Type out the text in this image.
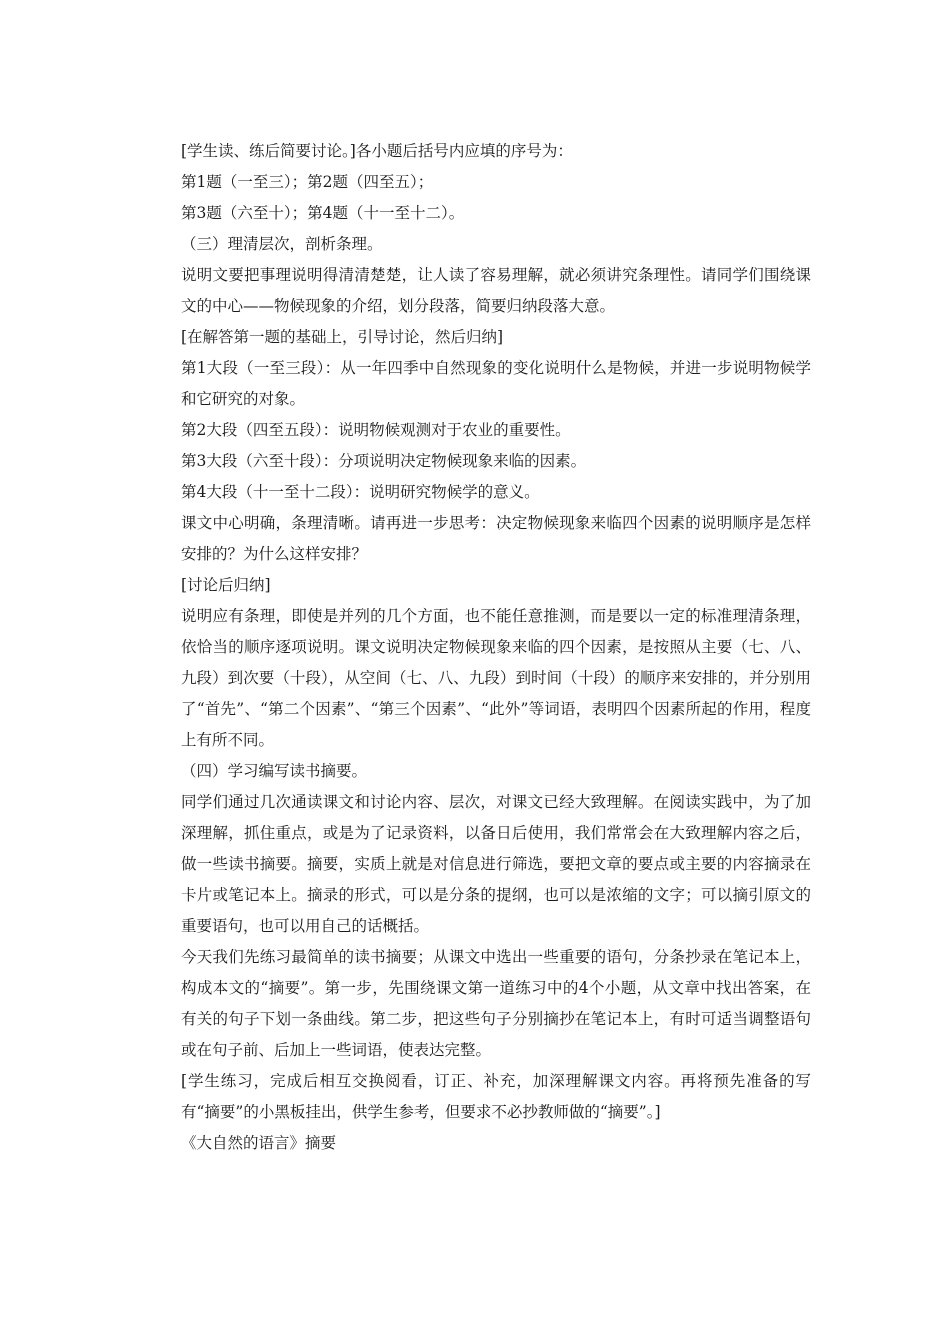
[学生读、练后简要讨论。]各小题后括号内应填的序号为：

第1题（一至三）；第2题（四至五）；

第3题（六至十）；第4题（十一至十二）。

（三）理清层次，剖析条理。

说明文要把事理说明得清清楚楚，让人读了容易理解，就必须讲究条理性。请同学们围绕课文的中心——物候现象的介绍，划分段落，简要归纳段落大意。

[在解答第一题的基础上，引导讨论，然后归纳]

第1大段（一至三段）：从一年四季中自然现象的变化说明什么是物候，并进一步说明物候学和它研究的对象。

第2大段（四至五段）：说明物候观测对于农业的重要性。

第3大段（六至十段）：分项说明决定物候现象来临的因素。

第4大段（十一至十二段）：说明研究物候学的意义。

课文中心明确，条理清晰。请再进一步思考：决定物候现象来临四个因素的说明顺序是怎样安排的？为什么这样安排？

[讨论后归纳]

说明应有条理，即使是并列的几个方面，也不能任意推测，而是要以一定的标准理清条理，依恰当的顺序逐项说明。课文说明决定物候现象来临的四个因素，是按照从主要（七、八、九段）到次要（十段），从空间（七、八、九段）到时间（十段）的顺序来安排的，并分别用了“首先”、“第二个因素”、“第三个因素”、“此外”等词语，表明四个因素所起的作用，程度上有所不同。

（四）学习编写读书摘要。

同学们通过几次通读课文和讨论内容、层次，对课文已经大致理解。在阅读实践中，为了加深理解，抓住重点，或是为了记录资料，以备日后使用，我们常常会在大致理解内容之后，做一些读书摘要。摘要，实质上就是对信息进行筛选，要把文章的要点或主要的内容摘录在卡片或笔记本上。摘录的形式，可以是分条的提纲，也可以是浓缩的文字；可以摘引原文的重要语句，也可以用自己的话概括。

今天我们先练习最简单的读书摘要；从课文中选出一些重要的语句，分条抄录在笔记本上，构成本文的“摘要”。第一步，先围绕课文第一道练习中的4个小题，从文章中找出答案，在有关的句子下划一条曲线。第二步，把这些句子分别摘抄在笔记本上，有时可适当调整语句或在句子前、后加上一些词语，使表达完整。

[学生练习，完成后相互交换阅看，订正、补充，加深理解课文内容。再将预先准备的写有“摘要”的小黑板挂出，供学生参考，但要求不必抄教师做的“摘要”。]

《大自然的语言》摘要
